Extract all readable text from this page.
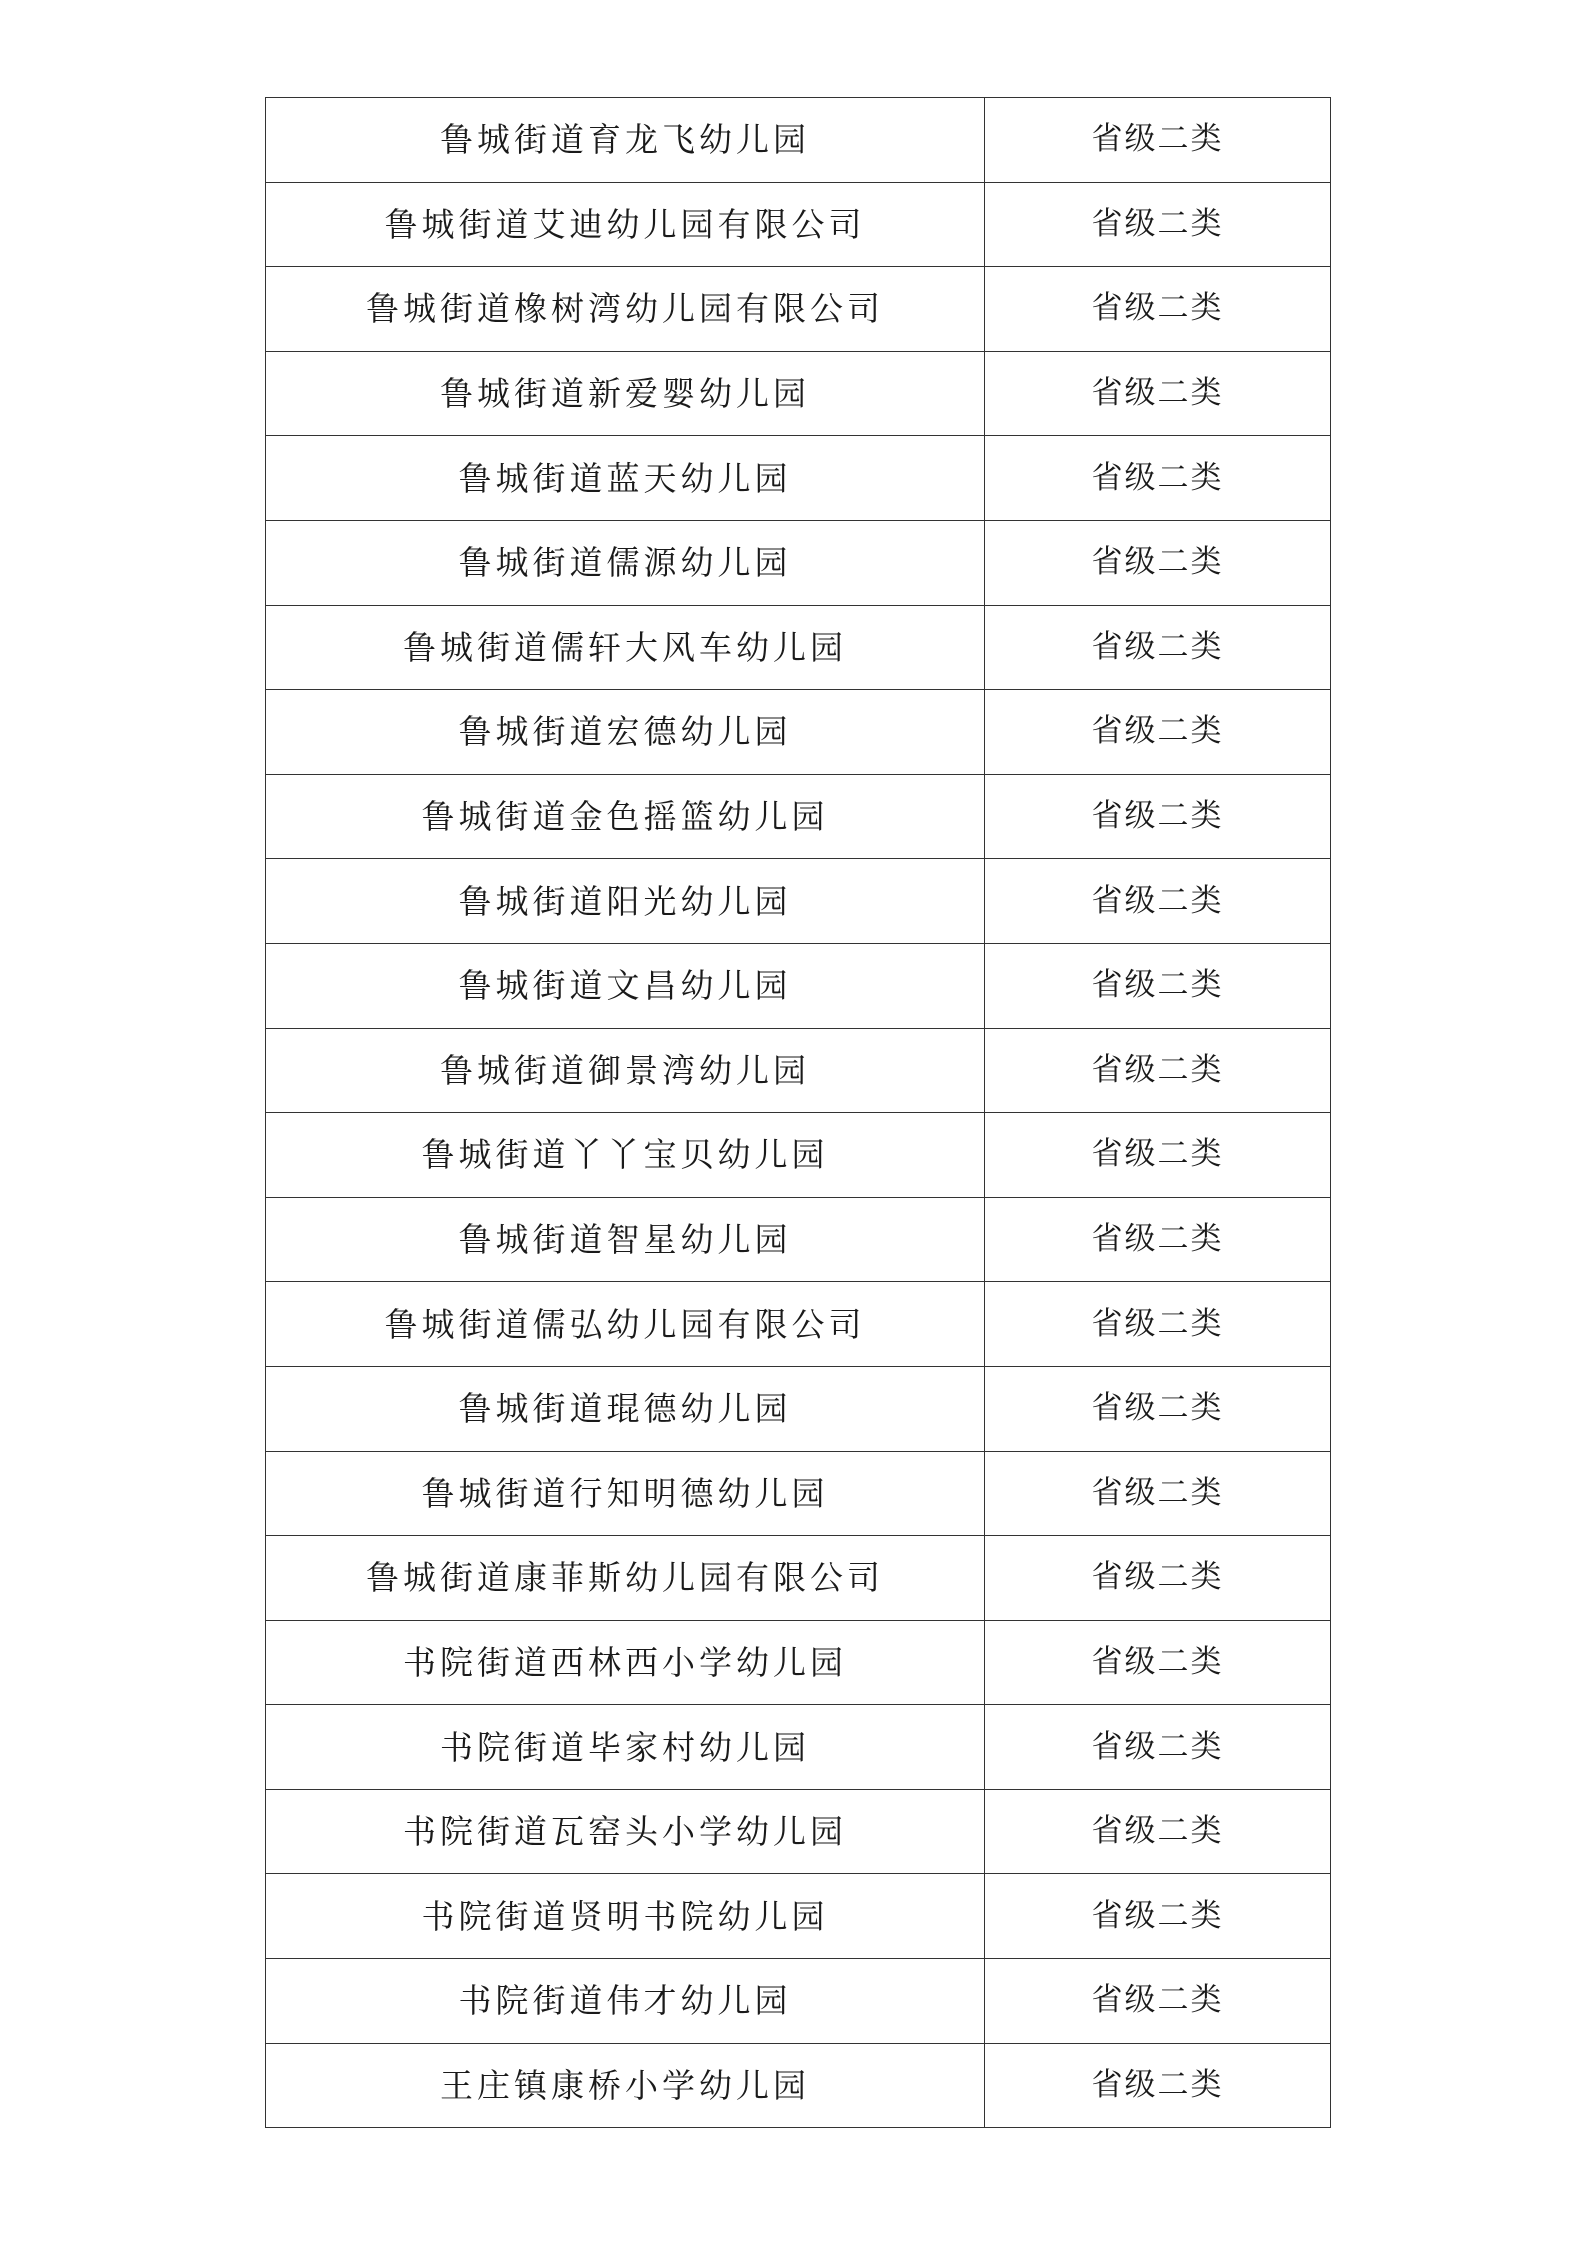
鲁城街道育龙飞幼儿园	省级二类
鲁城街道艾迪幼儿园有限公司	省级二类
鲁城街道橡树湾幼儿园有限公司	省级二类
鲁城街道新爱婴幼儿园	省级二类
鲁城街道蓝天幼儿园	省级二类
鲁城街道儒源幼儿园	省级二类
鲁城街道儒轩大风车幼儿园	省级二类
鲁城街道宏德幼儿园	省级二类
鲁城街道金色摇篮幼儿园	省级二类
鲁城街道阳光幼儿园	省级二类
鲁城街道文昌幼儿园	省级二类
鲁城街道御景湾幼儿园	省级二类
鲁城街道丫丫宝贝幼儿园	省级二类
鲁城街道智星幼儿园	省级二类
鲁城街道儒弘幼儿园有限公司	省级二类
鲁城街道琨德幼儿园	省级二类
鲁城街道行知明德幼儿园	省级二类
鲁城街道康菲斯幼儿园有限公司	省级二类
书院街道西林西小学幼儿园	省级二类
书院街道毕家村幼儿园	省级二类
书院街道瓦窑头小学幼儿园	省级二类
书院街道贤明书院幼儿园	省级二类
书院街道伟才幼儿园	省级二类
王庄镇康桥小学幼儿园	省级二类
